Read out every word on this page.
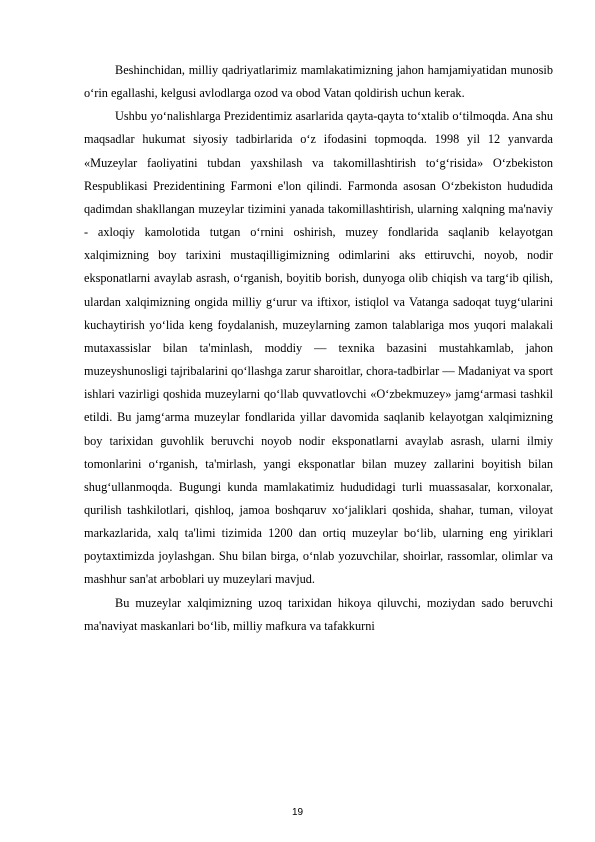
Beshinchidan, milliy qadriyatlarimiz mamlakatimizning jahon hamjamiyatidan munosib o‘rin egallashi, kelgusi avlodlarga ozod va obod Vatan qoldirish uchun kerak.

Ushbu yo‘nalishlarga Prezidentimiz asarlarida qayta-qayta to‘xtalib o‘tilmoqda. Ana shu maqsadlar hukumat siyosiy tadbirlarida o‘z ifodasini topmoqda. 1998 yil 12 yanvarda «Muzeylar faoliyatini tubdan yaxshilash va takomillashtirish to‘g‘risida» O‘zbekiston Respublikasi Prezidentining Farmoni e'lon qilindi. Farmonda asosan O‘zbekiston hududida qadimdan shakllangan muzeylar tizimini yanada takomillashtirish, ularning xalqning ma'naviy - axloqiy kamolotida tutgan o‘rnini oshirish, muzey fondlarida saqlanib kelayotgan xalqimizning boy tarixini mustaqilligimizning odimlarini aks ettiruvchi, noyob, nodir eksponatlarni avaylab asrash, o‘rganish, boyitib borish, dunyoga olib chiqish va targ‘ib qilish, ulardan xalqimizning ongida milliy g‘urur va iftixor, istiqlol va Vatanga sadoqat tuyg‘ularini kuchaytirish yo‘lida keng foydalanish, muzeylarning zamon talablariga mos yuqori malakali mutaxassislar bilan ta'minlash, moddiy — texnika bazasini mustahkamlab, jahon muzeyshunosligi tajribalarini qo‘llashga zarur sharoitlar, chora-tadbirlar — Madaniyat va sport ishlari vazirligi qoshida muzeylarni qo‘llab quvvatlovchi «O‘zbekmuzey» jamg‘armasi tashkil etildi. Bu jamg‘arma muzeylar fondlarida yillar davomida saqlanib kelayotgan xalqimizning boy tarixidan guvohlik beruvchi noyob nodir eksponatlarni avaylab asrash, ularni ilmiy tomonlarini o‘rganish, ta'mirlash, yangi eksponatlar bilan muzey zallarini boyitish bilan shug‘ullanmoqda. Bugungi kunda mamlakatimiz hududidagi turli muassasalar, korxonalar, qurilish tashkilotlari, qishloq, jamoa boshqaruv xo‘jaliklari qoshida, shahar, tuman, viloyat markazlarida, xalq ta'limi tizimida 1200 dan ortiq muzeylar bo‘lib, ularning eng yiriklari poytaxtimizda joylashgan. Shu bilan birga, o‘nlab yozuvchilar, shoirlar, rassomlar, olimlar va mashhur san'at arboblari uy muzeylari mavjud.

Bu muzeylar xalqimizning uzoq tarixidan hikoya qiluvchi, moziydan sado beruvchi ma'naviyat maskanlari bo‘lib, milliy mafkura va tafakkurni

19
